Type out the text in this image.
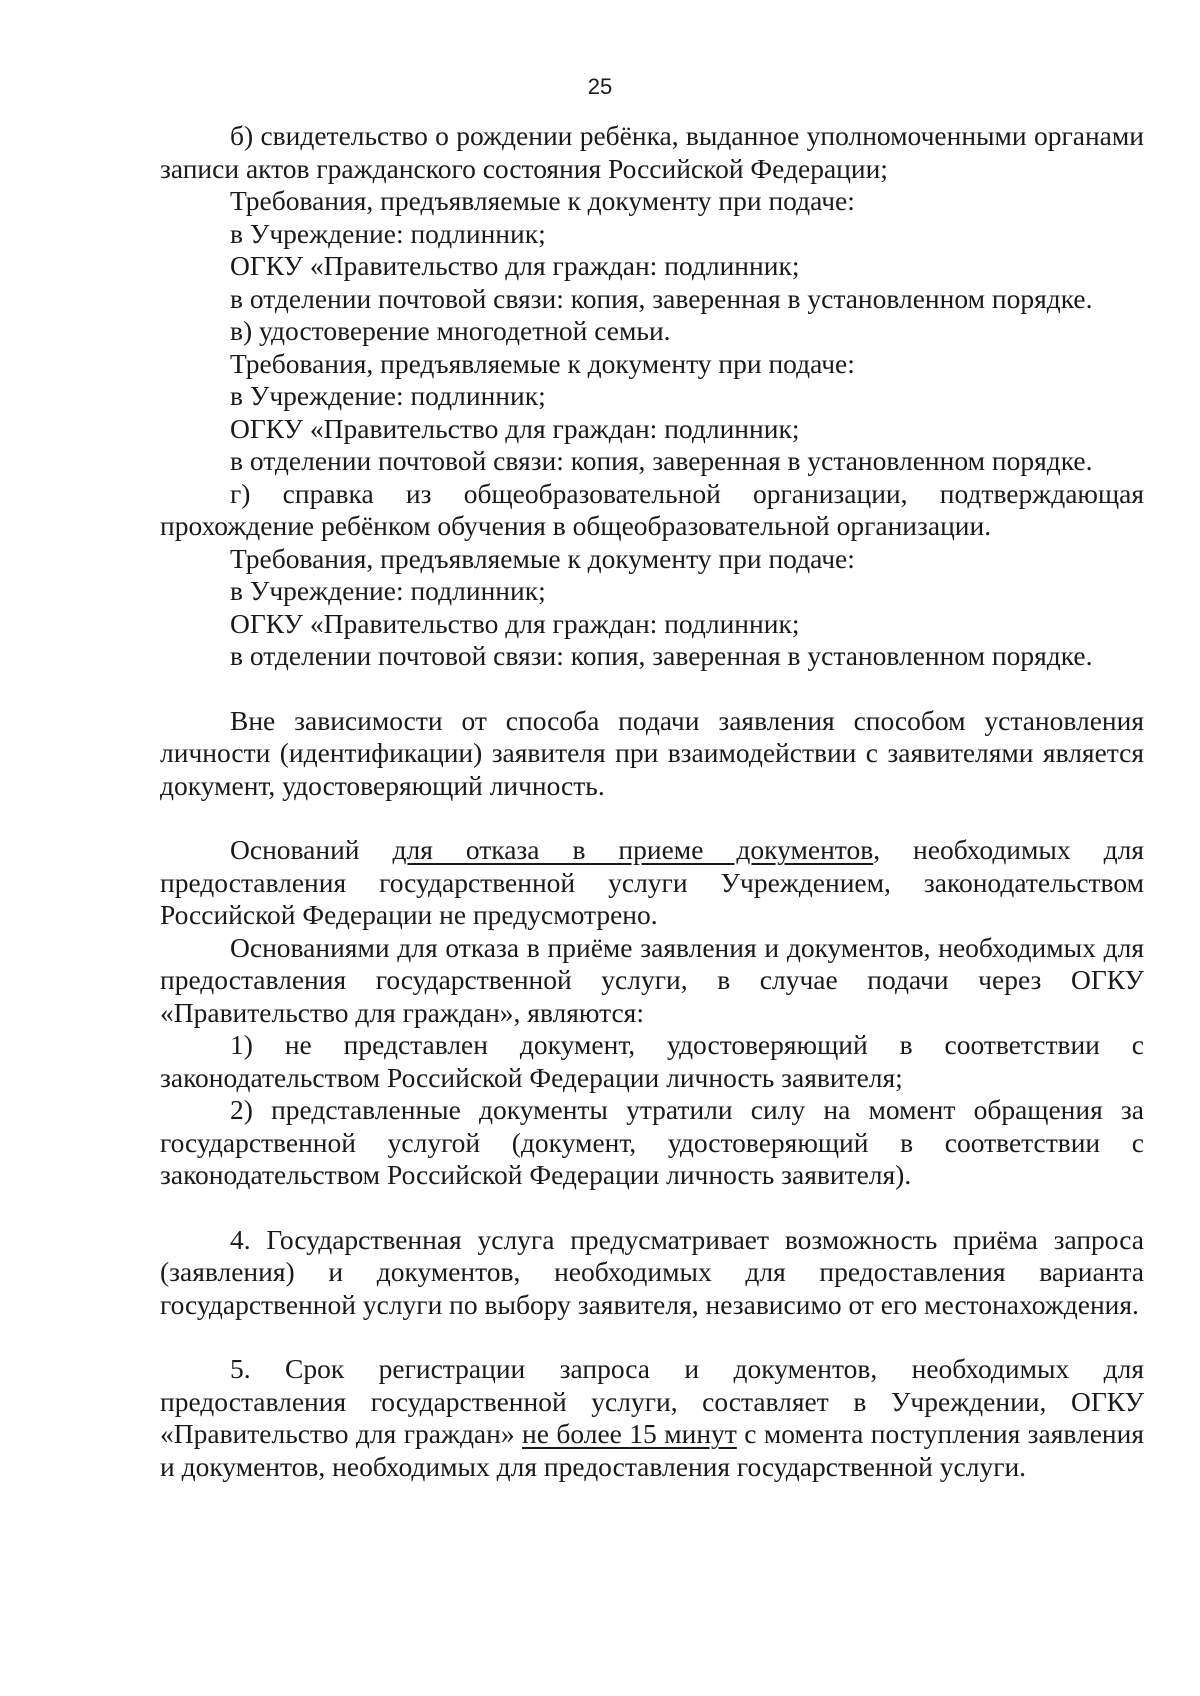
25

б) свидетельство о рождении ребёнка, выданное уполномоченными органами записи актов гражданского состояния Российской Федерации;

Требования, предъявляемые к документу при подаче:

в Учреждение: подлинник;

ОГКУ «Правительство для граждан: подлинник;

в отделении почтовой связи: копия, заверенная в установленном порядке.

в) удостоверение многодетной семьи.

Требования, предъявляемые к документу при подаче:

в Учреждение: подлинник;

ОГКУ «Правительство для граждан: подлинник;

в отделении почтовой связи: копия, заверенная в установленном порядке.

г) справка из общеобразовательной организации, подтверждающая прохождение ребёнком обучения в общеобразовательной организации.

Требования, предъявляемые к документу при подаче:

в Учреждение: подлинник;

ОГКУ «Правительство для граждан: подлинник;

в отделении почтовой связи: копия, заверенная в установленном порядке.

Вне зависимости от способа подачи заявления способом установления личности (идентификации) заявителя при взаимодействии с заявителями является документ, удостоверяющий личность.

Оснований для отказа в приеме документов, необходимых для предоставления государственной услуги Учреждением, законодательством Российской Федерации не предусмотрено.

Основаниями для отказа в приёме заявления и документов, необходимых для предоставления государственной услуги, в случае подачи через ОГКУ «Правительство для граждан», являются:

1) не представлен документ, удостоверяющий в соответствии с законодательством Российской Федерации личность заявителя;

2) представленные документы утратили силу на момент обращения за государственной услугой (документ, удостоверяющий в соответствии с законодательством Российской Федерации личность заявителя).

4. Государственная услуга предусматривает возможность приёма запроса (заявления) и документов, необходимых для предоставления варианта государственной услуги по выбору заявителя, независимо от его местонахождения.

5. Срок регистрации запроса и документов, необходимых для предоставления государственной услуги, составляет в Учреждении, ОГКУ «Правительство для граждан» не более 15 минут с момента поступления заявления и документов, необходимых для предоставления государственной услуги.
